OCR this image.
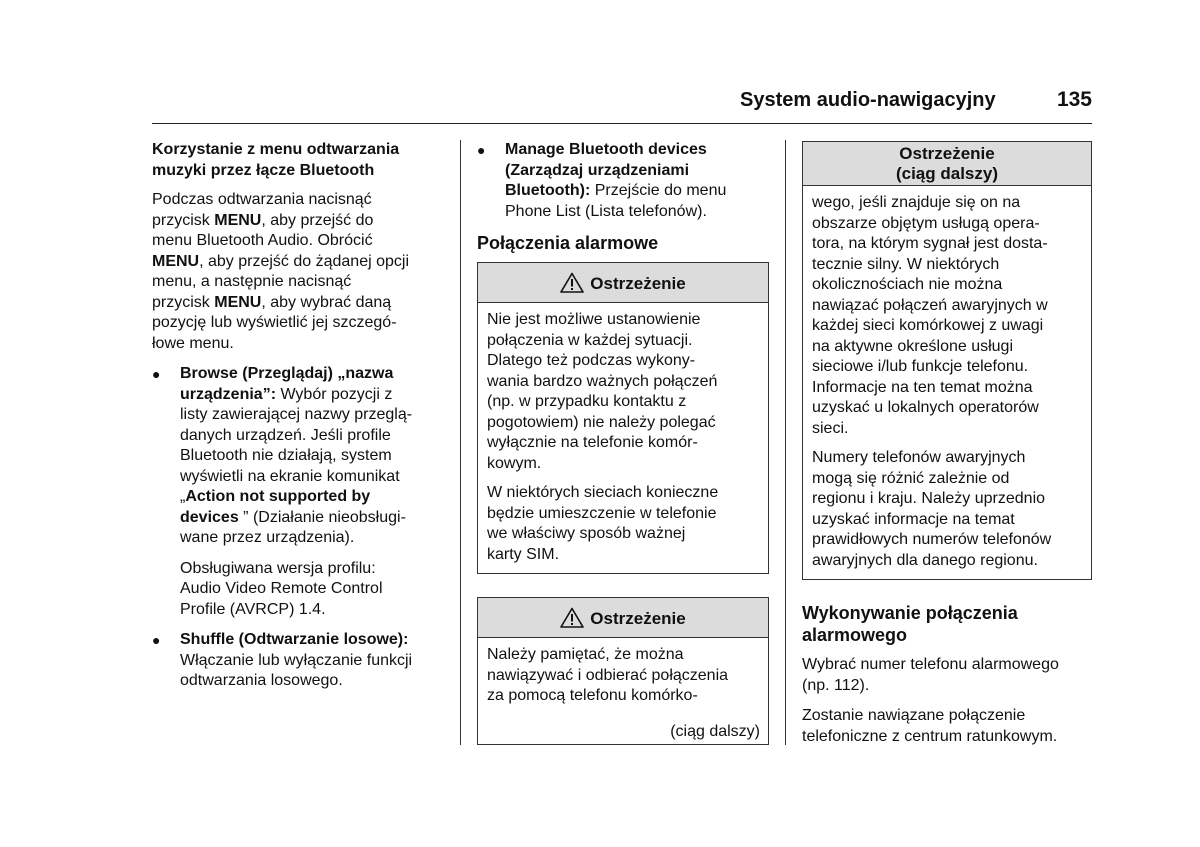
System audio-nawigacyjny	135
Korzystanie z menu odtwarzania
muzyki przez łącze Bluetooth

Podczas odtwarzania nacisnąć
przycisk MENU, aby przejść do
menu Bluetooth Audio. Obrócić
MENU, aby przejść do żądanej opcji
menu, a następnie nacisnąć
przycisk MENU, aby wybrać daną
pozycję lub wyświetlić jej szczegó-
łowe menu.

● Browse (Przeglądaj) „nazwa
urządzenia”: Wybór pozycji z
listy zawierającej nazwy przeglą-
danych urządzeń. Jeśli profile
Bluetooth nie działają, system
wyświetli na ekranie komunikat
„Action not supported by
devices ” (Działanie nieobsługi-
wane przez urządzenia).

Obsługiwana wersja profilu:
Audio Video Remote Control
Profile (AVRCP) 1.4.

● Shuffle (Odtwarzanie losowe):
Włączanie lub wyłączanie funkcji
odtwarzania losowego.

● Manage Bluetooth devices
(Zarządzaj urządzeniami
Bluetooth): Przejście do menu
Phone List (Lista telefonów).

Połączenia alarmowe
Ostrzeżenie

Nie jest możliwe ustanowienie
połączenia w każdej sytuacji.
Dlatego też podczas wykony-
wania bardzo ważnych połączeń
(np. w przypadku kontaktu z
pogotowiem) nie należy polegać
wyłącznie na telefonie komór-
kowym.

W niektórych sieciach konieczne
będzie umieszczenie w telefonie
we właściwy sposób ważnej
karty SIM.

Ostrzeżenie

Należy pamiętać, że można
nawiązywać i odbierać połączenia
za pomocą telefonu komórko-

(ciąg dalszy)
Ostrzeżenie
(ciąg dalszy)

wego, jeśli znajduje się on na
obszarze objętym usługą opera-
tora, na którym sygnał jest dosta-
tecznie silny. W niektórych
okolicznościach nie można
nawiązać połączeń awaryjnych w
każdej sieci komórkowej z uwagi
na aktywne określone usługi
sieciowe i/lub funkcje telefonu.
Informacje na ten temat można
uzyskać u lokalnych operatorów
sieci.

Numery telefonów awaryjnych
mogą się różnić zależnie od
regionu i kraju. Należy uprzednio
uzyskać informacje na temat
prawidłowych numerów telefonów
awaryjnych dla danego regionu.

Wykonywanie połączenia
alarmowego

Wybrać numer telefonu alarmowego
(np. 112).

Zostanie nawiązane połączenie
telefoniczne z centrum ratunkowym.
